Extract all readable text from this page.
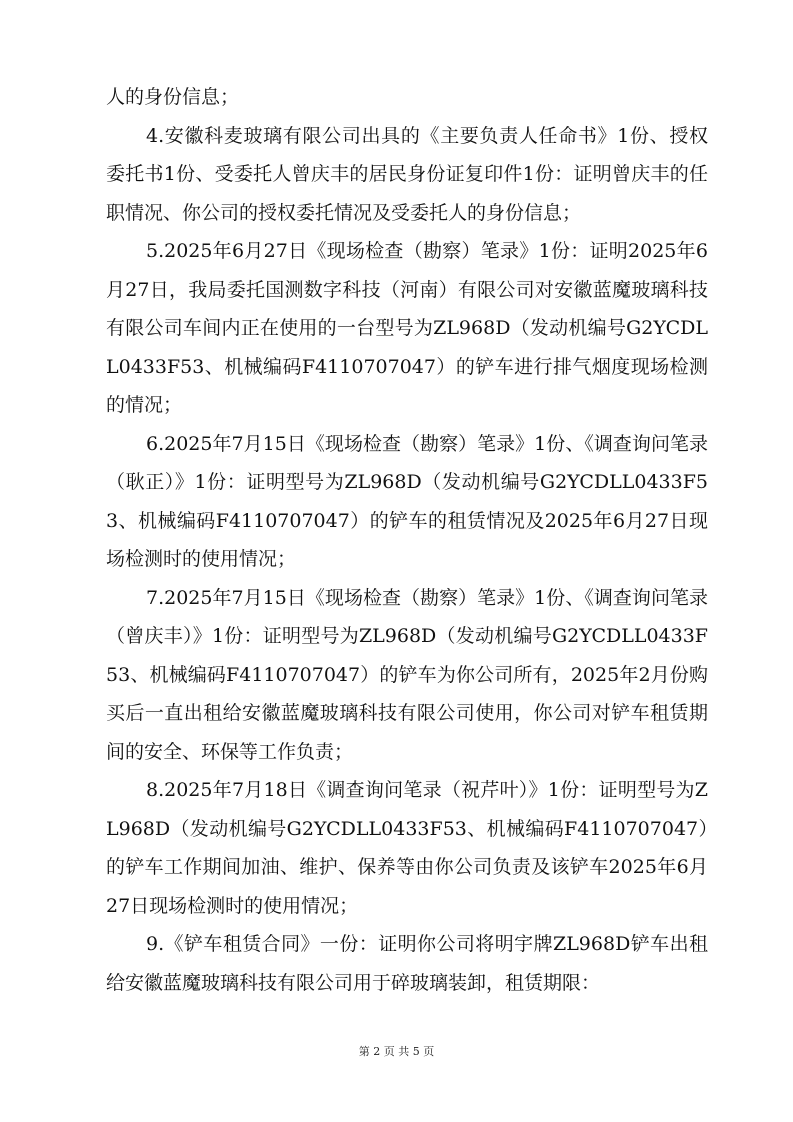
人的身份信息；

4.安徽科麦玻璃有限公司出具的《主要负责人任命书》1份、授权委托书1份、受委托人曾庆丰的居民身份证复印件1份：证明曾庆丰的任职情况、你公司的授权委托情况及受委托人的身份信息；

5.2025年6月27日《现场检查（勘察）笔录》1份：证明2025年6月27日，我局委托国测数字科技（河南）有限公司对安徽蓝魔玻璃科技有限公司车间内正在使用的一台型号为ZL968D（发动机编号G2YCDLL0433F53、机械编码F4110707047）的铲车进行排气烟度现场检测的情况；

6.2025年7月15日《现场检查（勘察）笔录》1份、《调查询问笔录（耿正）》1份：证明型号为ZL968D（发动机编号G2YCDLL0433F53、机械编码F4110707047）的铲车的租赁情况及2025年6月27日现场检测时的使用情况；

7.2025年7月15日《现场检查（勘察）笔录》1份、《调查询问笔录（曾庆丰）》1份：证明型号为ZL968D（发动机编号G2YCDLL0433F53、机械编码F4110707047）的铲车为你公司所有，2025年2月份购买后一直出租给安徽蓝魔玻璃科技有限公司使用，你公司对铲车租赁期间的安全、环保等工作负责；

8.2025年7月18日《调查询问笔录（祝芹叶）》1份：证明型号为ZL968D（发动机编号G2YCDLL0433F53、机械编码F4110707047）的铲车工作期间加油、维护、保养等由你公司负责及该铲车2025年6月27日现场检测时的使用情况；

9.《铲车租赁合同》一份：证明你公司将明宇牌ZL968D铲车出租给安徽蓝魔玻璃科技有限公司用于碎玻璃装卸，租赁期限：

第 2 页 共 5 页
